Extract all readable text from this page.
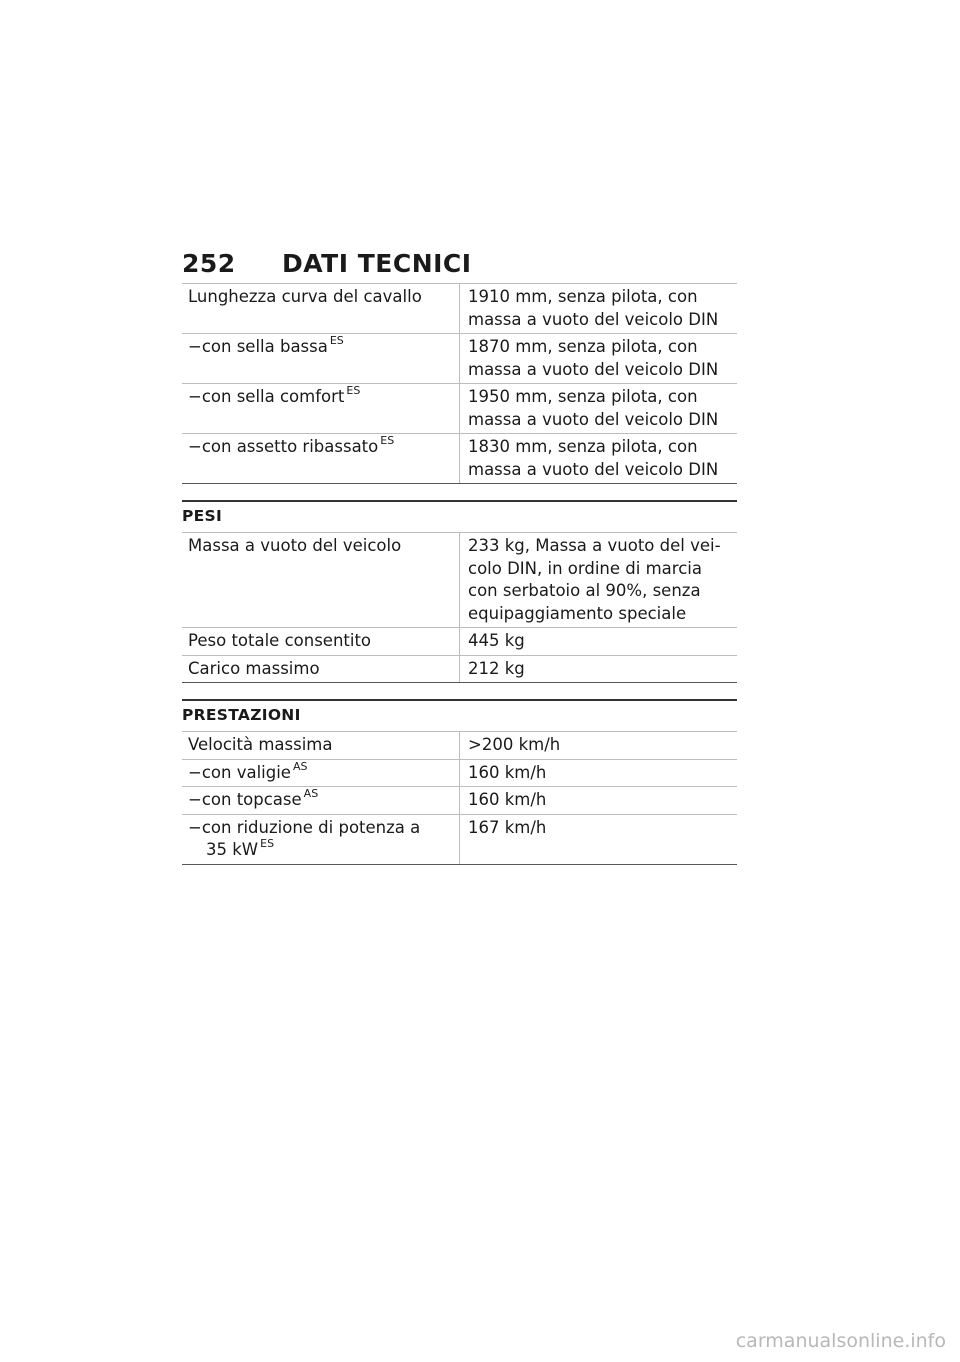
252	DATI TECNICI
Lunghezza curva del cavallo	1910 mm, senza pilota, con
massa a vuoto del veicolo DIN
−con sella bassa $^{ES}$	1870 mm, senza pilota, con
massa a vuoto del veicolo DIN
−con sella comfort $^{ES}$	1950 mm, senza pilota, con
massa a vuoto del veicolo DIN
−con assetto ribassato $^{ES}$	1830 mm, senza pilota, con
massa a vuoto del veicolo DIN
PESI
Massa a vuoto del veicolo	233 kg, Massa a vuoto del vei-
colo DIN, in ordine di marcia
con serbatoio al 90%, senza
equipaggiamento speciale
Peso totale consentito	445 kg
Carico massimo	212 kg
PRESTAZIONI
Velocità massima	>200 km/h
−con valigie $^{AS}$	160 km/h
−con topcase $^{AS}$	160 km/h
−con riduzione di potenza a
35 kW $^{ES}$	167 km/h
carmanualsonline.info
